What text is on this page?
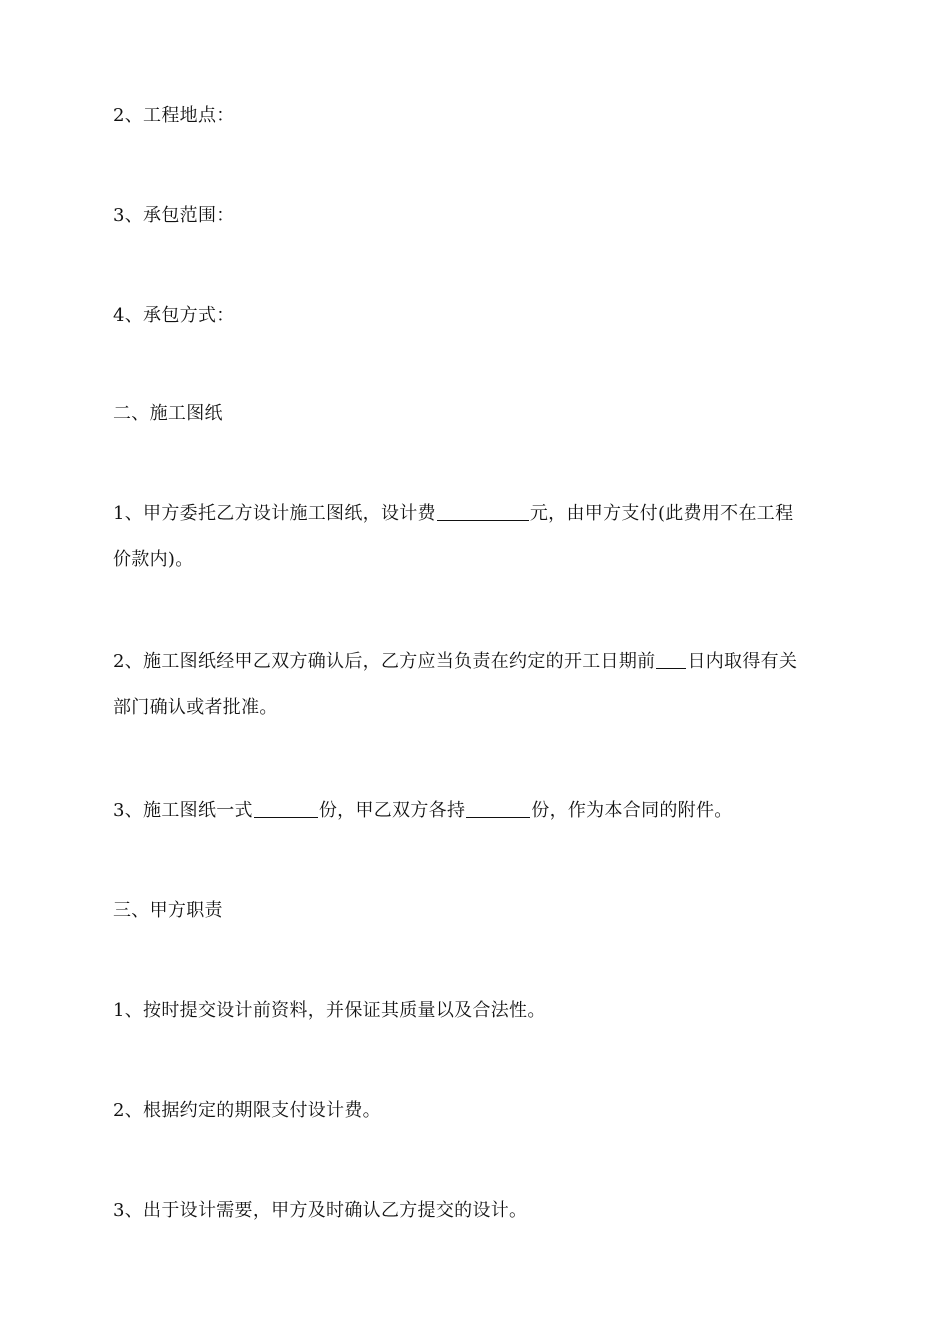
2、工程地点：
3、承包范围：
4、承包方式：
二、施工图纸
1、甲方委托乙方设计施工图纸，设计费	元，由甲方支付(此费用不在工程
价款内)。
2、施工图纸经甲乙双方确认后，乙方应当负责在约定的开工日期前 日内取得有关
部门确认或者批准。
3、施工图纸一式	份，甲乙双方各持	份，作为本合同的附件。
三、甲方职责
1、按时提交设计前资料，并保证其质量以及合法性。
2、根据约定的期限支付设计费。
3、出于设计需要，甲方及时确认乙方提交的设计。
